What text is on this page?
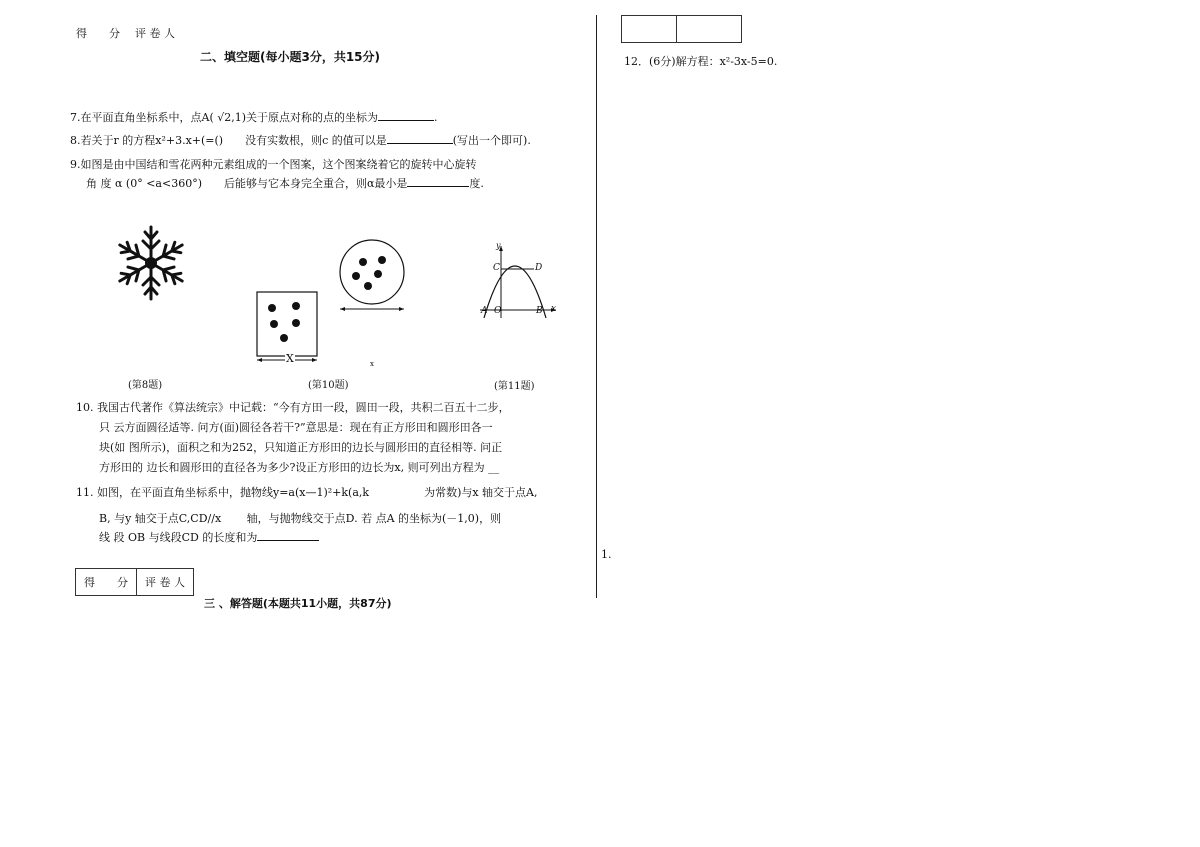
得　　分 评 卷 人
二、填空题(每小题3分，共15分)
7.在平面直角坐标系中，点A( √2,1)关于原点对称的点的坐标为	.
8.若关于r 的方程x²+3.x+(=()　　没有实数根，则c 的值可以是	(写出一个即可).
9.如图是由中国结和雪花两种元素组成的一个图案，这个图案绕着它的旋转中心旋转
角 度 α (0° <a<360°)　　后能够与它本身完全重合，则α最小是	度.
(第8题)
X	x
(第10题)
y
C	D
A O	B x
(第11题)
10. 我国古代著作《算法统宗》中记载：“今有方田一段，圆田一段，共积二百五十二步，
只 云方面圆径适等. 问方(面)圆径各若干?”意思是：现在有正方形田和圆形田各一
块(如 图所示)，面积之和为252，只知道正方形田的边长与圆形田的直径相等. 问正
方形田的 边长和圆形田的直径各为多少?设正方形田的边长为x, 则可列出方程为 __
11. 如图，在平面直角坐标系中，抛物线y=a(x—1)²+k(a,k　　　　　为常数)与x 轴交于点A,
B, 与y 轴交于点C,CD//x　　 轴，与抛物线交于点D. 若 点A 的坐标为(－1,0)，则
线 段 OB 与线段CD 的长度和为
得　　分	评 卷 人
三 、解答题(本题共11小题，共87分)

12．(6分)解方程：x²-3x-5=0.
1.
